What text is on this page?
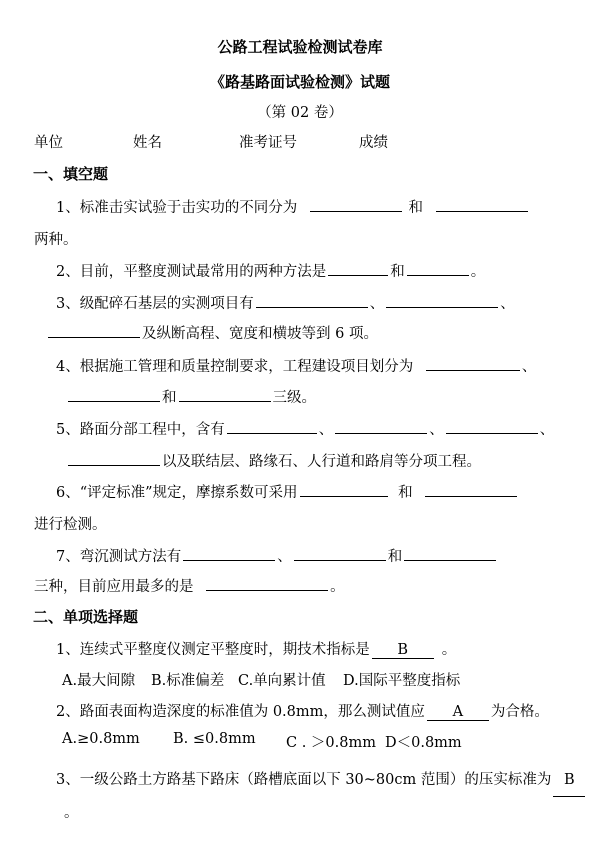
公路工程试验检测试卷库
《路基路面试验检测》试题
（第 02 卷）
单位	姓名	准考证号	成绩
一、填空题
1、标准击实试验于击实功的不同分为	和
两种。
2、目前，平整度测试最常用的两种方法是	和	。
3、级配碎石基层的实测项目有	、	、
及纵断高程、宽度和横坡等到 6 项。
4、根据施工管理和质量控制要求，工程建设项目划分为	、
和	三级。
5、路面分部工程中，含有	、	、	、
以及联结层、路缘石、人行道和路肩等分项工程。
6、“评定标准”规定，摩擦系数可采用	和
进行检测。
7、弯沉测试方法有	、	和
三种，目前应用最多的是	。
二、单项选择题
1、连续式平整度仪测定平整度时，期技术指标是 B 。
A.最大间隙 B.标准偏差 C.单向累计值 D.国际平整度指标
2、路面表面构造深度的标准值为 0.8mm，那么测试值应 A 为合格。
A.≥0.8mm B. ≤0.8mm C . ＞0.8mm D＜0.8mm
3、一级公路土方路基下路床（路槽底面以下 30~80cm 范围）的压实标准为 B。
